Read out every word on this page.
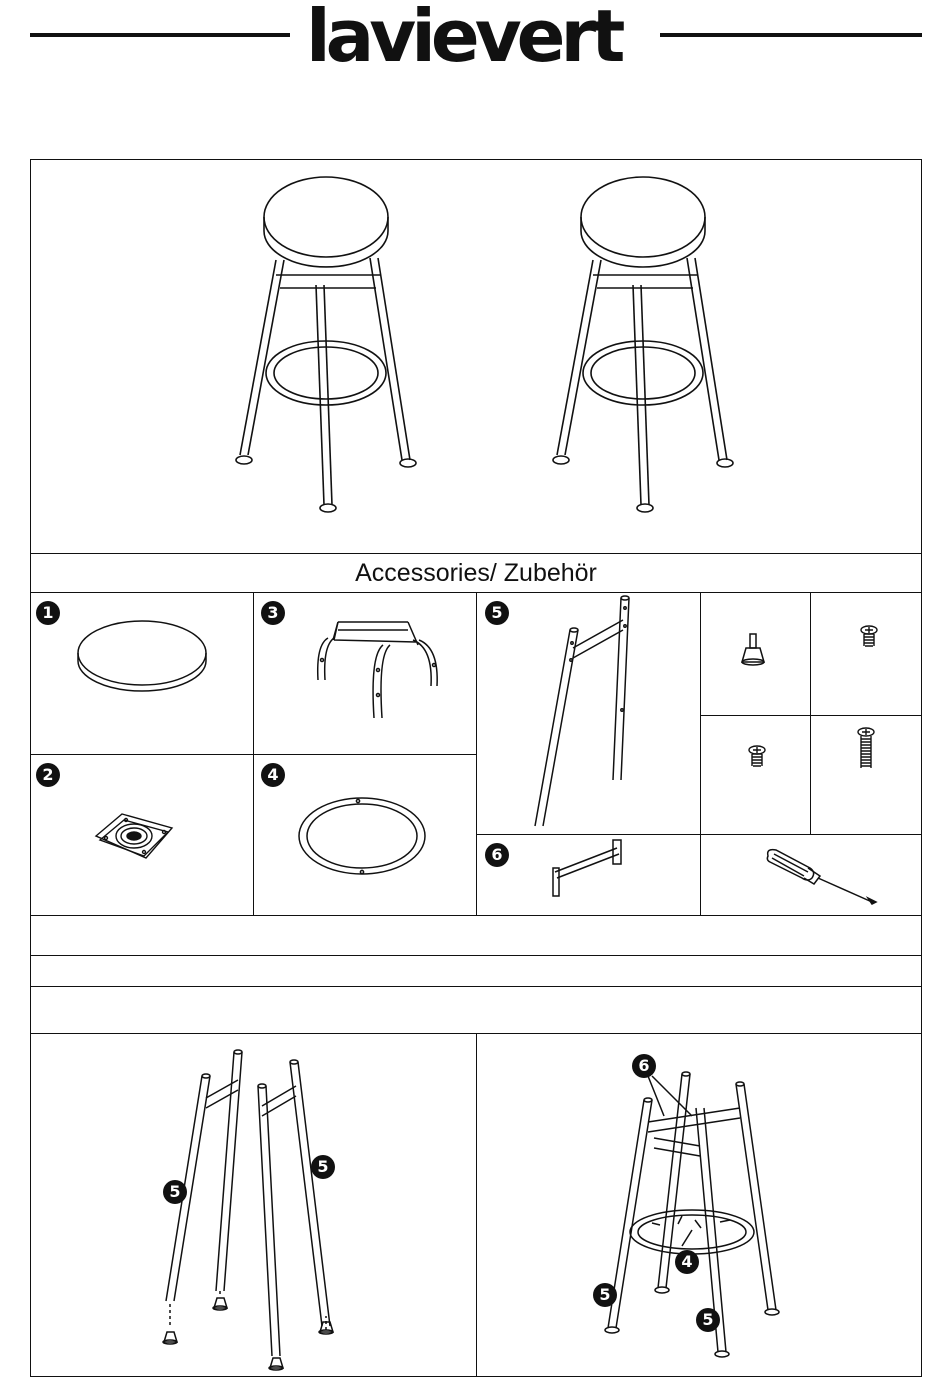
lavievert
Accessories/ Zubehör
1	3	5
2	4
6
5
5
6
4
5
5
